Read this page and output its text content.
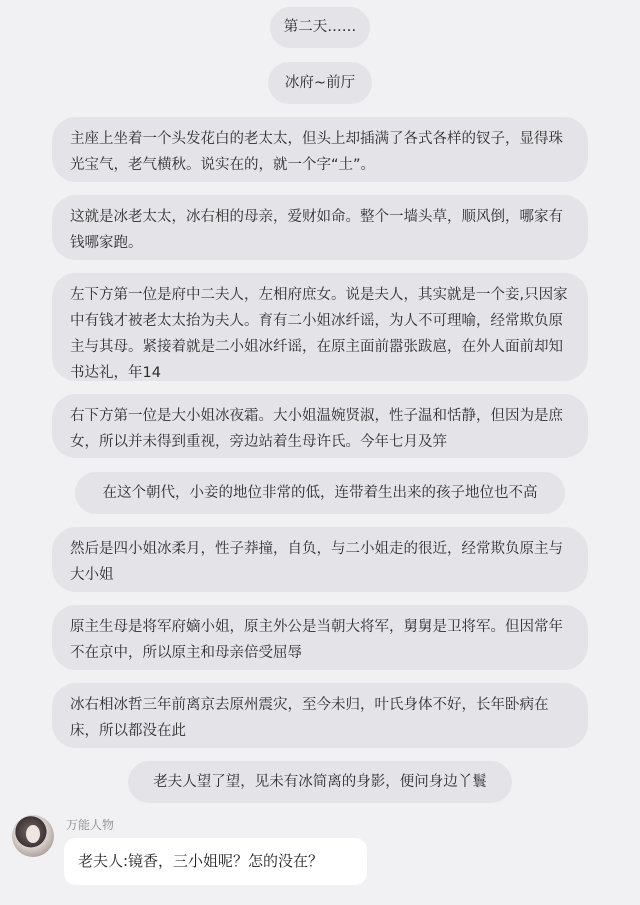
第二天……
冰府~前厅
主座上坐着一个头发花白的老太太，但头上却插满了各式各样的钗子，显得珠光宝气，老气横秋。说实在的，就一个字“土”。
这就是冰老太太，冰右相的母亲，爱财如命。整个一墙头草，顺风倒，哪家有钱哪家跑。
左下方第一位是府中二夫人，左相府庶女。说是夫人，其实就是一个妾,只因家中有钱才被老太太抬为夫人。育有二小姐冰纤谣，为人不可理喻，经常欺负原主与其母。紧接着就是二小姐冰纤谣，在原主面前嚣张跋扈，在外人面前却知书达礼，年14
右下方第一位是大小姐冰夜霜。大小姐温婉贤淑，性子温和恬静，但因为是庶女，所以并未得到重视，旁边站着生母许氏。今年七月及笄
在这个朝代，小妾的地位非常的低，连带着生出来的孩子地位也不高
然后是四小姐冰柔月，性子莽撞，自负，与二小姐走的很近，经常欺负原主与大小姐
原主生母是将军府嫡小姐，原主外公是当朝大将军，舅舅是卫将军。但因常年不在京中，所以原主和母亲倍受屈辱
冰右相冰哲三年前离京去原州震灾，至今未归，叶氏身体不好，长年卧病在床，所以都没在此
老夫人望了望，见未有冰简离的身影，便问身边丫鬟
万能人物
老夫人:镜香，三小姐呢？怎的没在？
